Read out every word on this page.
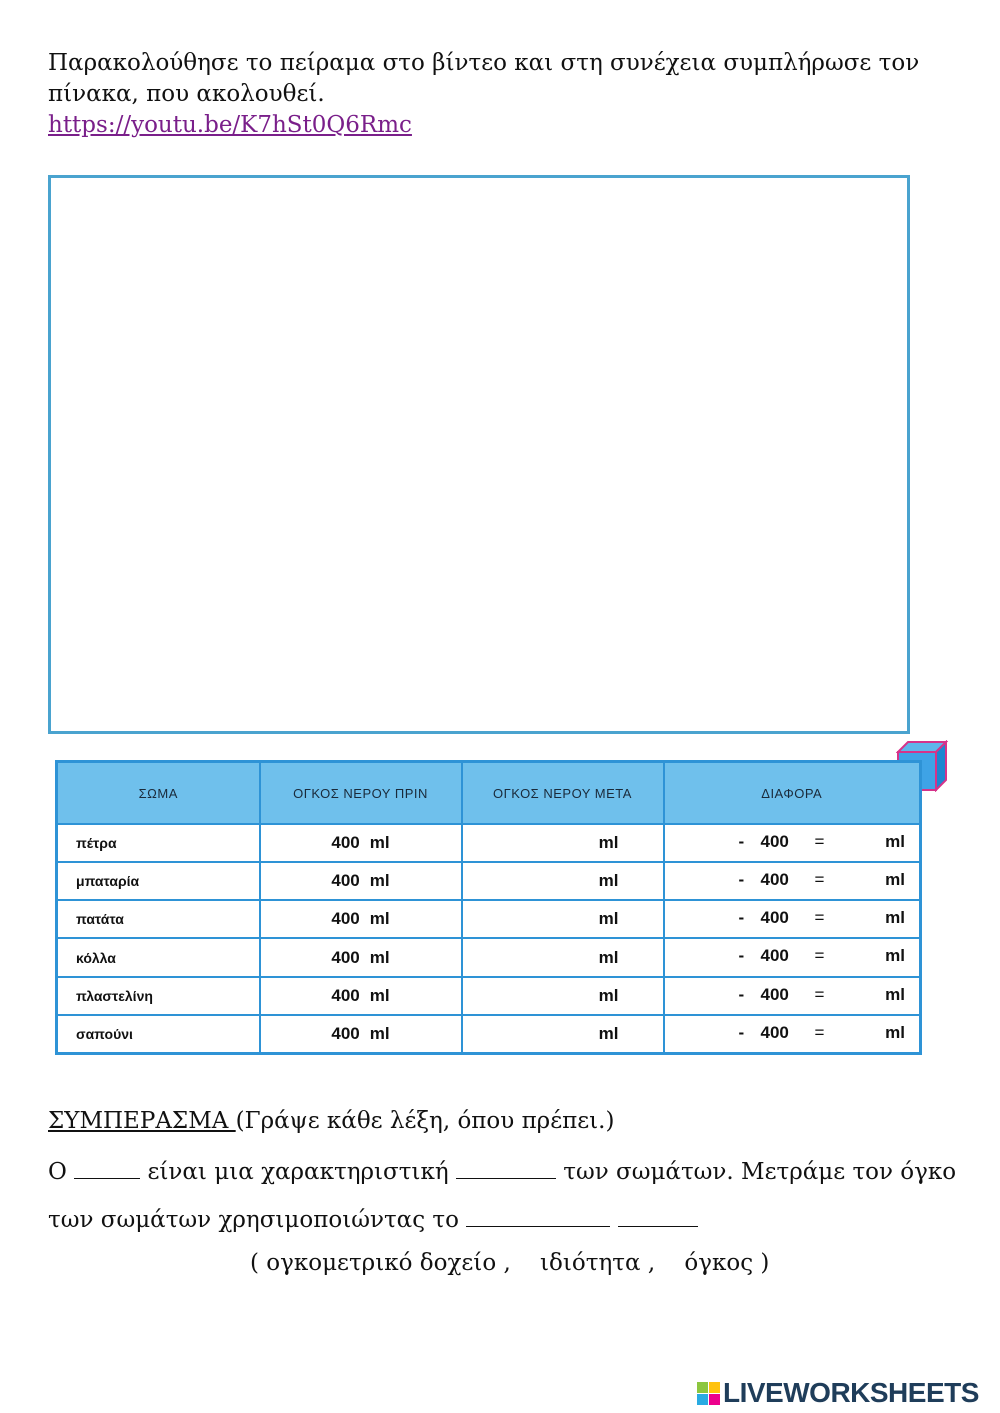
Παρακολούθησε το πείραμα στο βίντεο και στη συνέχεια συμπλήρωσε τον

πίνακα, που ακολουθεί.

https://youtu.be/K7hSt0Q6Rmc

ΣΩΜΑ	ΟΓΚΟΣ ΝΕΡΟΥ ΠΡΙΝ	ΟΓΚΟΣ ΝΕΡΟΥ ΜΕΤΑ	ΔΙΑΦΟΡΑ
πέτρα	400 ml	ml	- 400 = ml

μπαταρία	400 ml	ml	- 400 = ml

πατάτα	400 ml	ml	- 400 = ml

κόλλα	400 ml	ml	- 400 = ml

πλαστελίνη	400 ml	ml	- 400 = ml

σαπούνι	400 ml	ml	- 400 = ml
ΣΥΜΠΕΡΑΣΜΑ (Γράψε κάθε λέξη, όπου πρέπει.)
Ο	είναι μια χαρακτηριστική	των σωμάτων. Μετράμε τον όγκο
των σωμάτων χρησιμοποιώντας το
( ογκομετρικό δοχείο ,    ιδιότητα ,    όγκος )
LIVEWORKSHEETS
